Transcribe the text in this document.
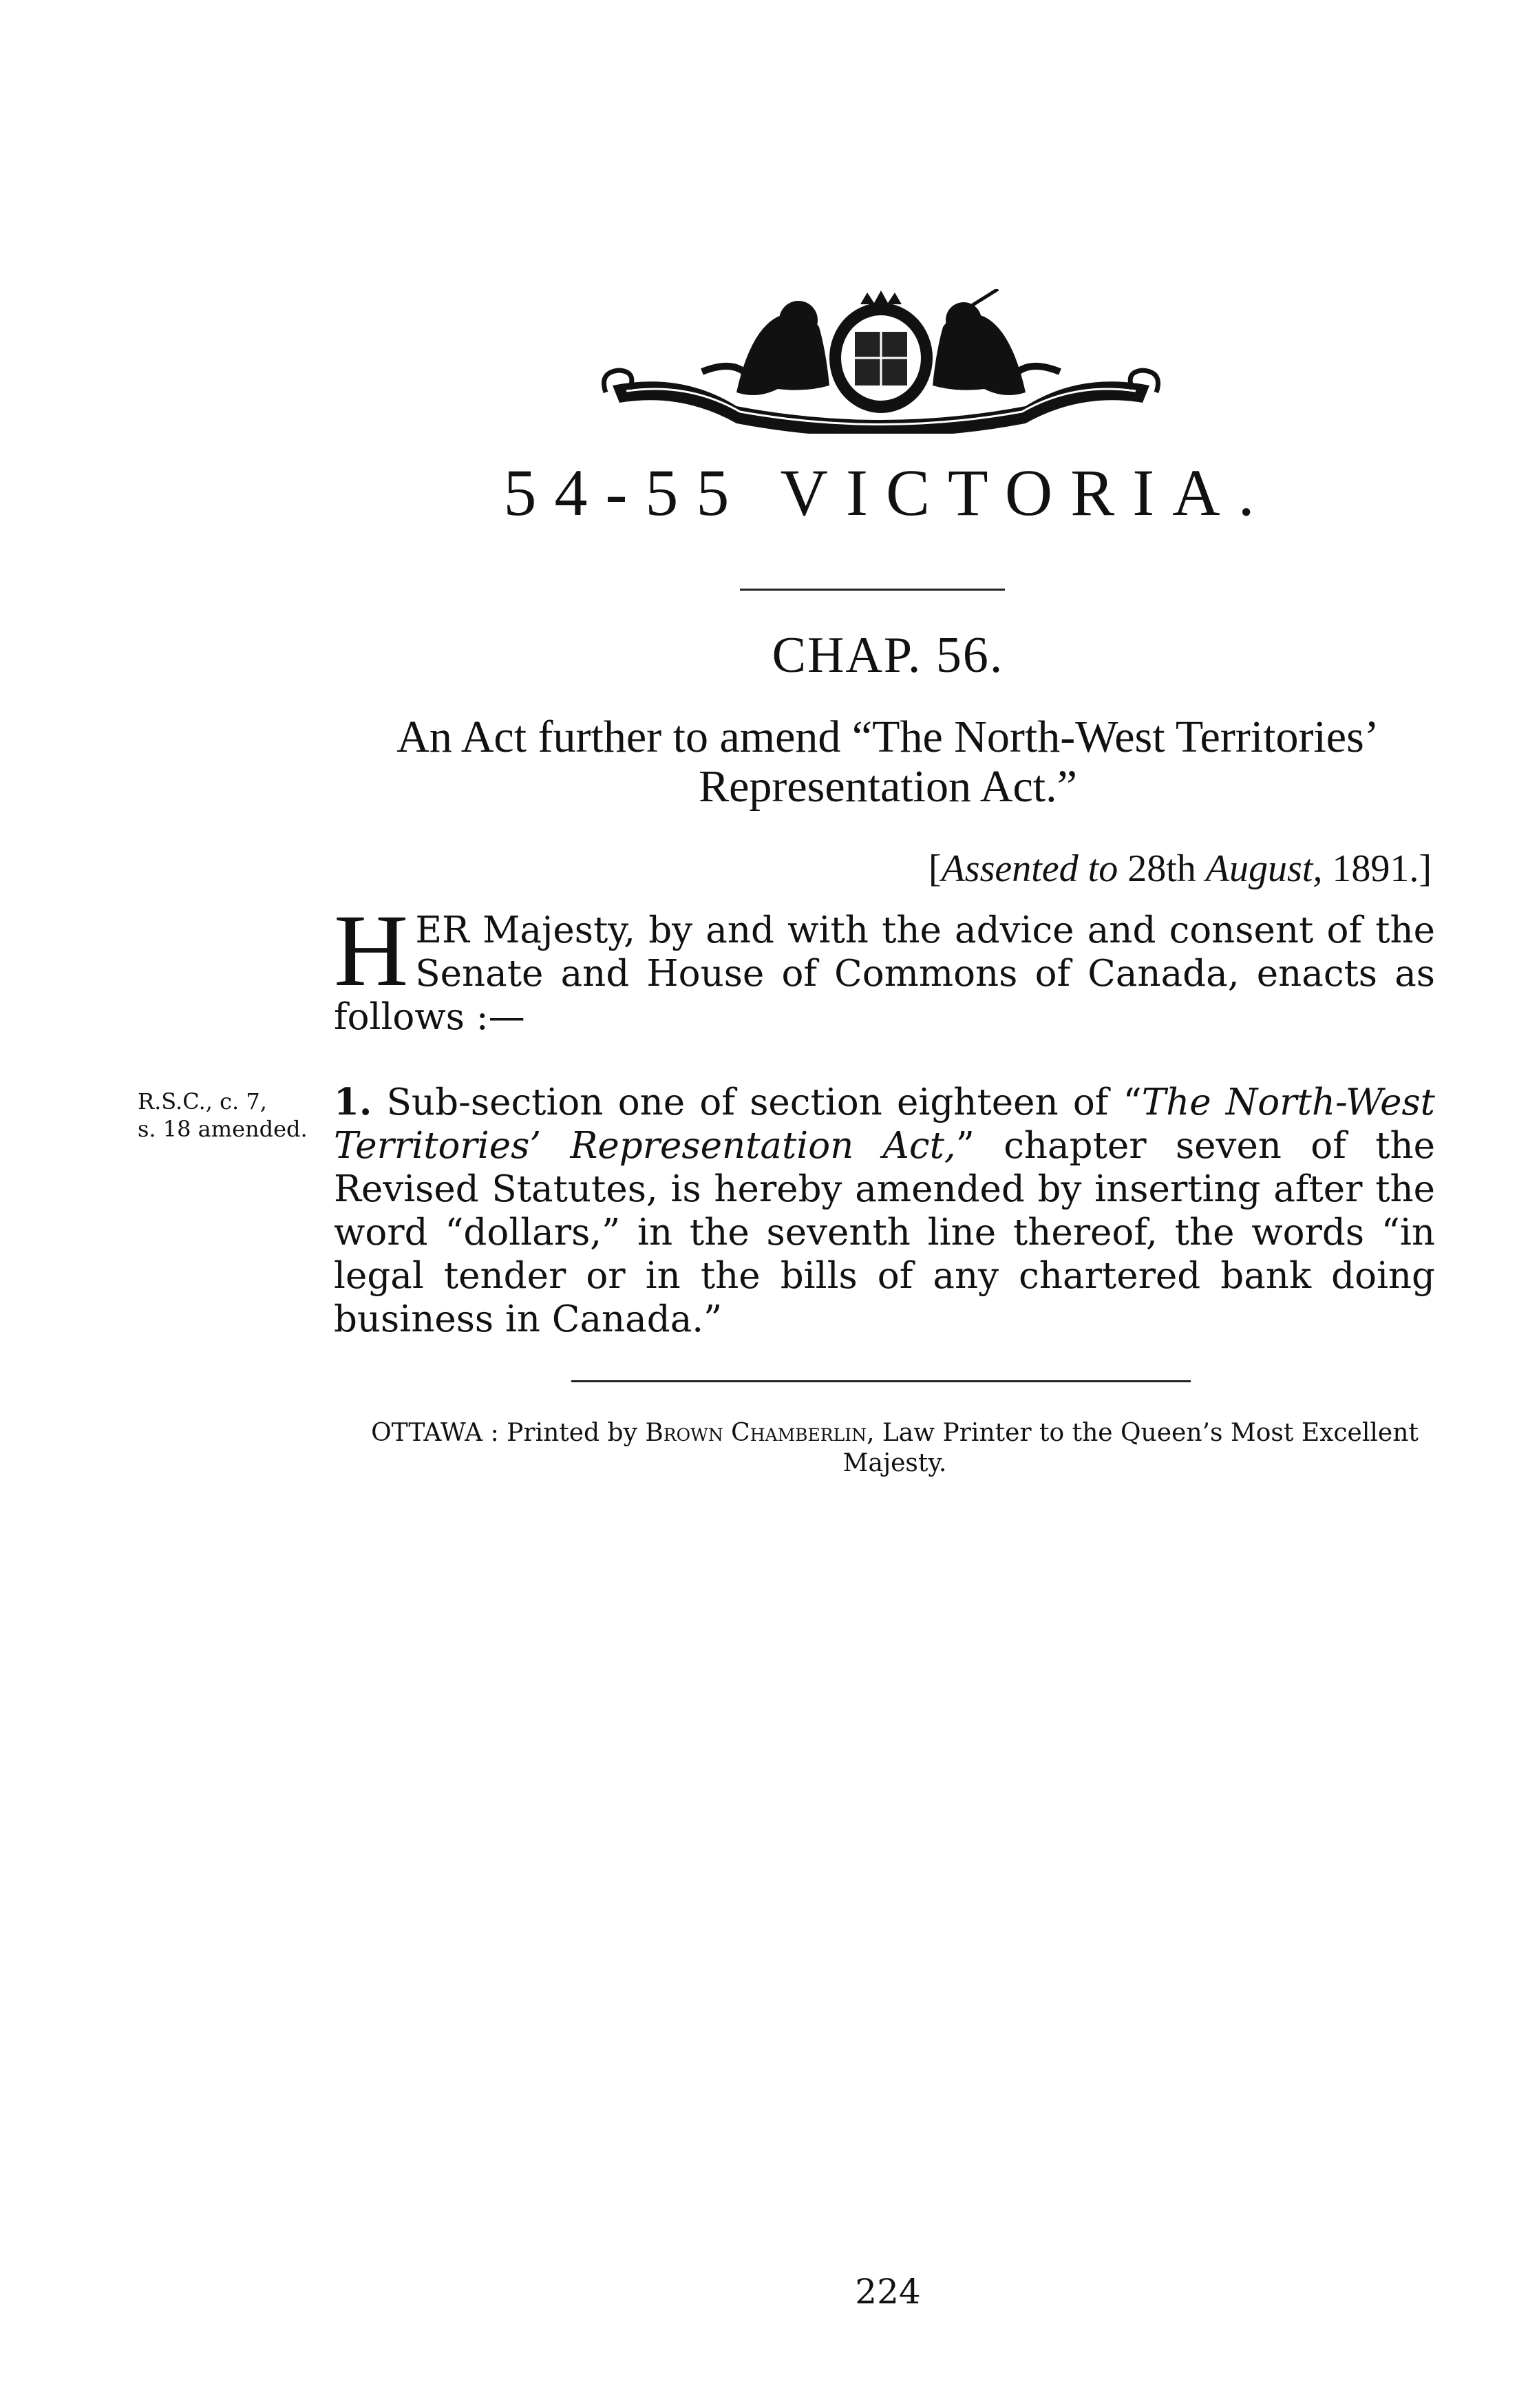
54-55 VICTORIA.
CHAP. 56.
An Act further to amend “The North-West Territories’
Representation Act.”
[Assented to 28th August, 1891.]
HER Majesty, by and with the advice and consent of the Senate and House of Commons of Canada, enacts as follows :—
R.S.C., c. 7,
s. 18 amended.
1. Sub-section one of section eighteen of “The North-West Territories’ Representation Act,” chapter seven of the Revised Statutes, is hereby amended by inserting after the word “dollars,” in the seventh line thereof, the words “in legal tender or in the bills of any chartered bank doing business in Canada.”
OTTAWA : Printed by Brown Chamberlin, Law Printer to the Queen’s Most Excellent Majesty.
224
